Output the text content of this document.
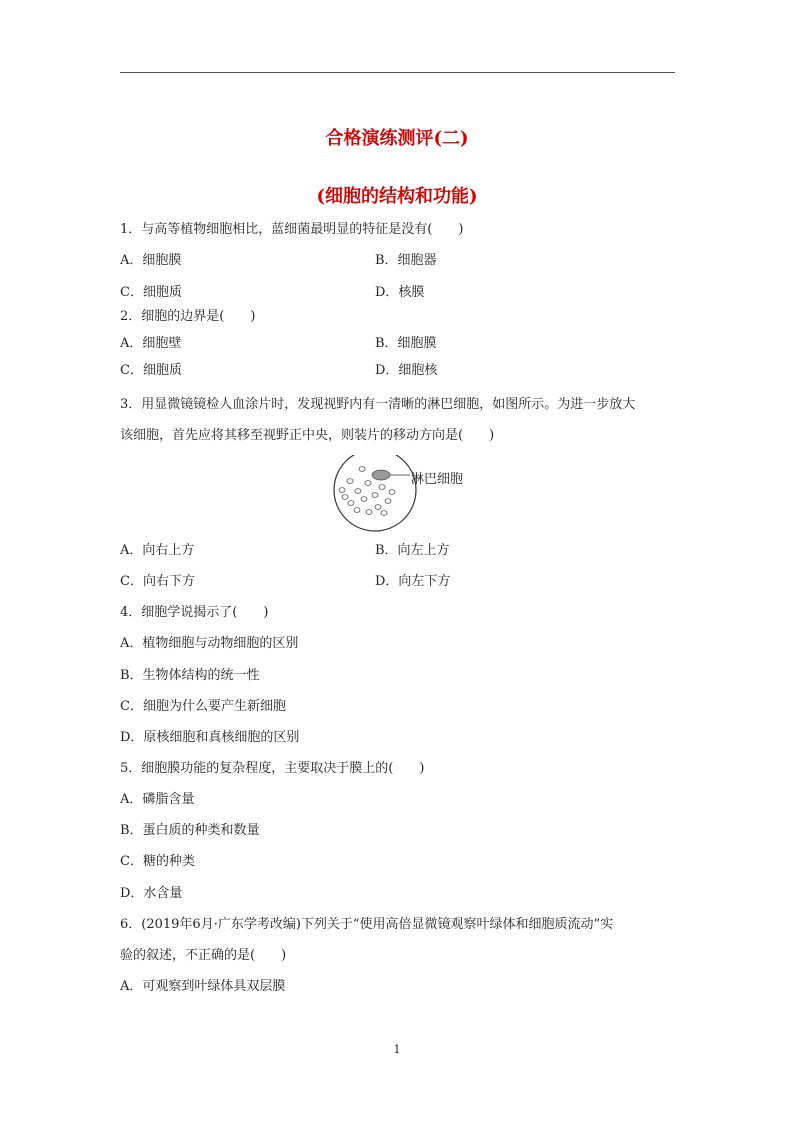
合格演练测评(二)
(细胞的结构和功能)
1．与高等植物细胞相比，蓝细菌最明显的特征是没有(　　)
A．细胞膜	B．细胞器
C．细胞质	D．核膜
2．细胞的边界是(　　)
A．细胞壁	B．细胞膜
C．细胞质	D．细胞核
3．用显微镜镜检人血涂片时，发现视野内有一清晰的淋巴细胞，如图所示。为进一步放大
该细胞，首先应将其移至视野正中央，则装片的移动方向是(　　)
淋巴细胞
A．向右上方	B．向左上方
C．向右下方	D．向左下方
4．细胞学说揭示了(　　)
A．植物细胞与动物细胞的区别
B．生物体结构的统一性
C．细胞为什么要产生新细胞
D．原核细胞和真核细胞的区别
5．细胞膜功能的复杂程度，主要取决于膜上的(　　)
A．磷脂含量
B．蛋白质的种类和数量
C．糖的种类
D．水含量
6．(2019年6月·广东学考改编)下列关于“使用高倍显微镜观察叶绿体和细胞质流动”实
验的叙述，不正确的是(　　)
A．可观察到叶绿体具双层膜
1
